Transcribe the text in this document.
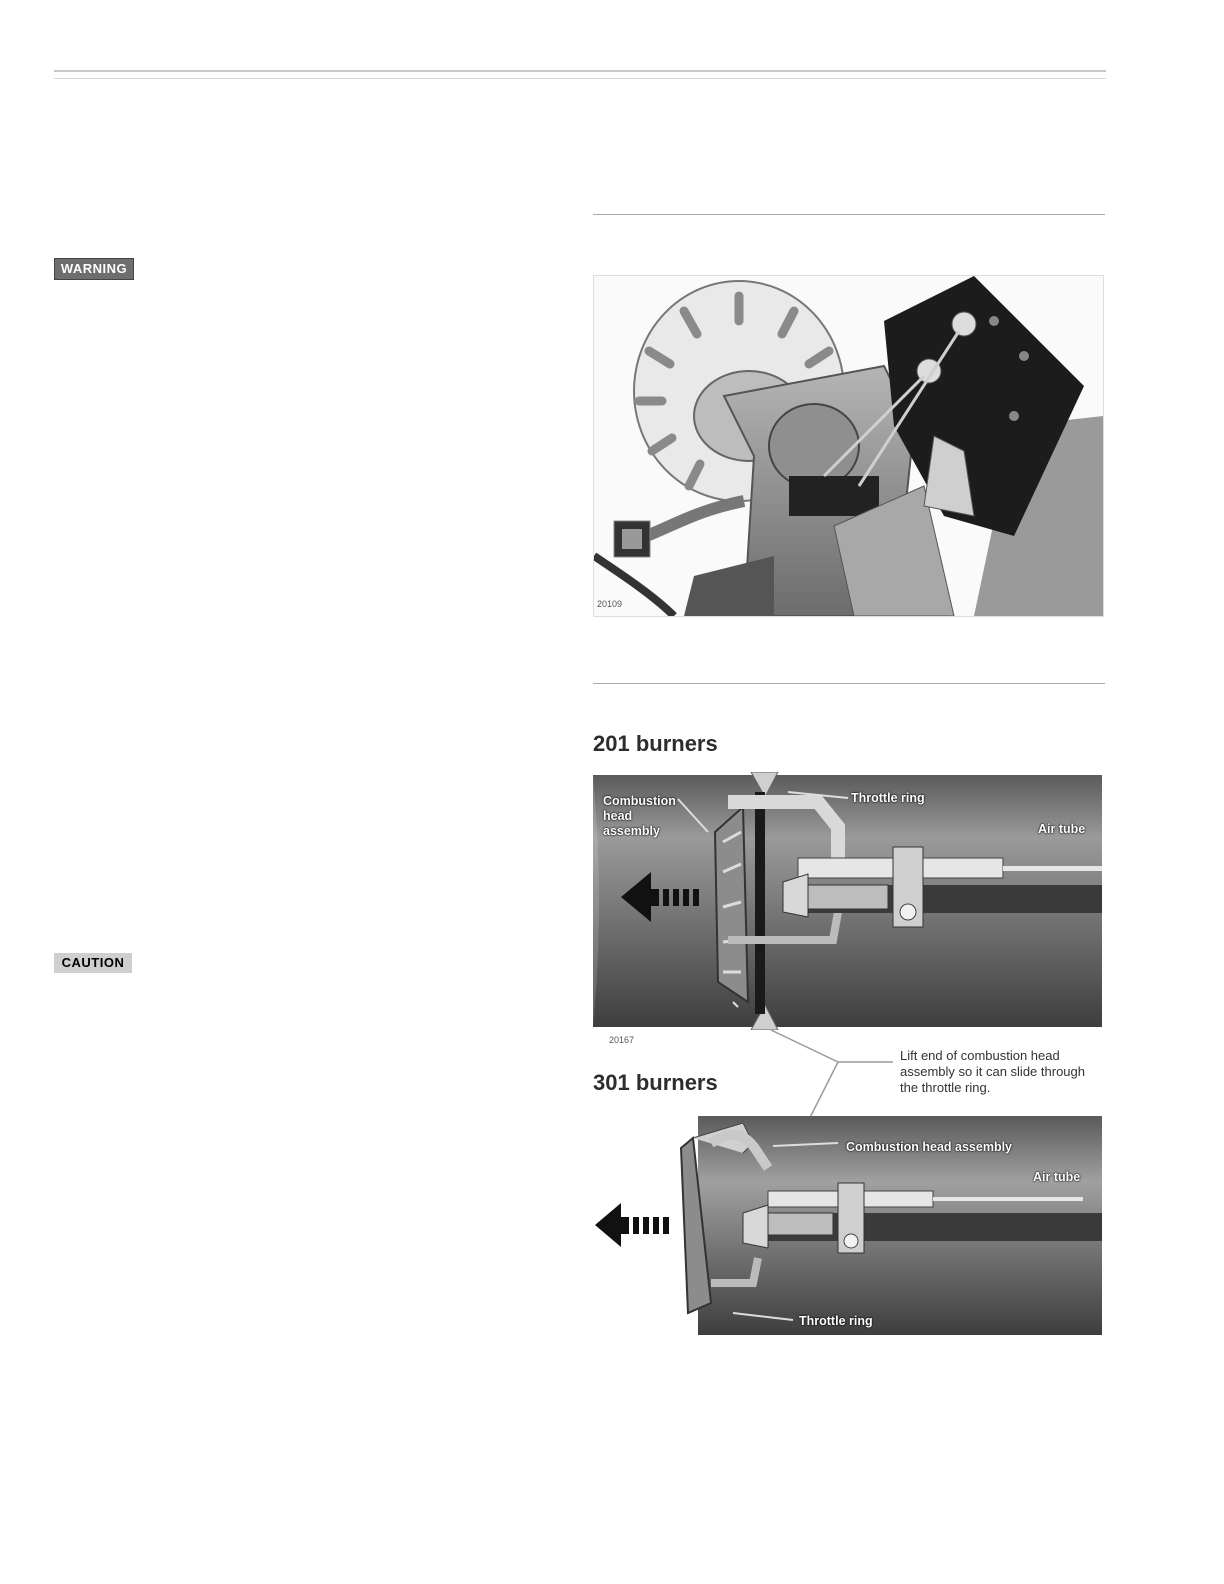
WARNING
CAUTION
20109
201 burners
Combustion
head
assembly
Throttle ring
Air tube
20167
Lift end of combustion head
assembly so it can slide through
the throttle ring.
301 burners
Combustion head assembly
Air tube
Throttle ring
